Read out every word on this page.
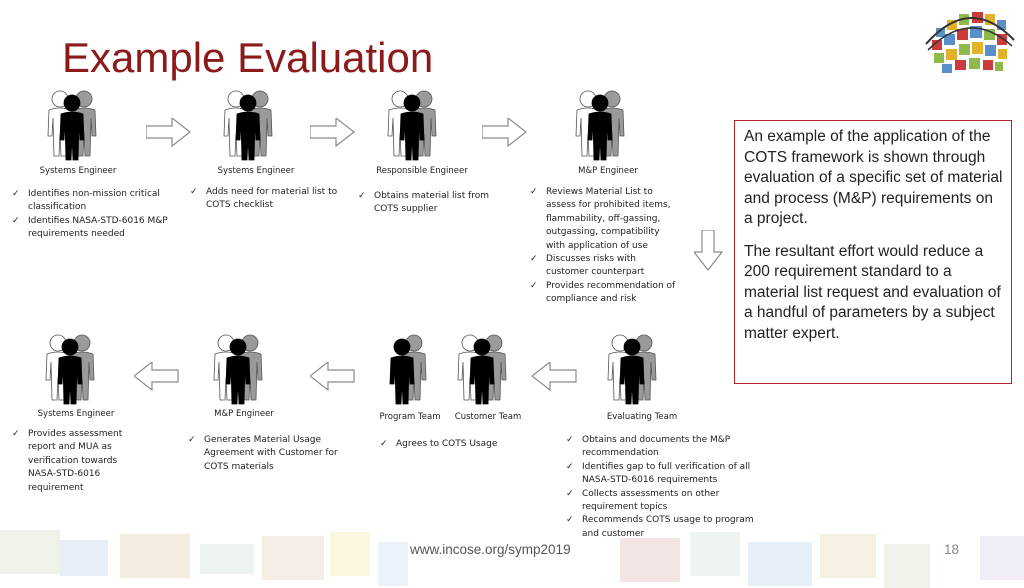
Example Evaluation
Systems Engineer
✓ Identifies non-mission critical classification
✓ Identifies NASA-STD-6016 M&P requirements needed
Systems Engineer
✓ Adds need for material list to COTS checklist
Responsible Engineer
✓ Obtains material list from COTS supplier
M&P Engineer
✓ Reviews Material List to assess for prohibited items, flammability, off-gassing, outgassing, compatibility with application of use
✓ Discusses risks with customer counterpart
✓ Provides recommendation of compliance and risk

An example of the application of the COTS framework is shown through evaluation of a specific set of material and process (M&P) requirements on a project.

The resultant effort would reduce a 200 requirement standard to a material list request and evaluation of a handful of parameters by a subject matter expert.

Systems Engineer
✓ Provides assessment report and MUA as verification towards NASA-STD-6016 requirement
M&P Engineer
✓ Generates Material Usage Agreement with Customer for COTS materials
Program Team	Customer Team
✓ Agrees to COTS Usage
Evaluating Team
✓ Obtains and documents the M&P recommendation
✓ Identifies gap to full verification of all NASA-STD-6016 requirements
✓ Collects assessments on other requirement topics
✓ Recommends COTS usage to program and customer
www.incose.org/symp2019	18
